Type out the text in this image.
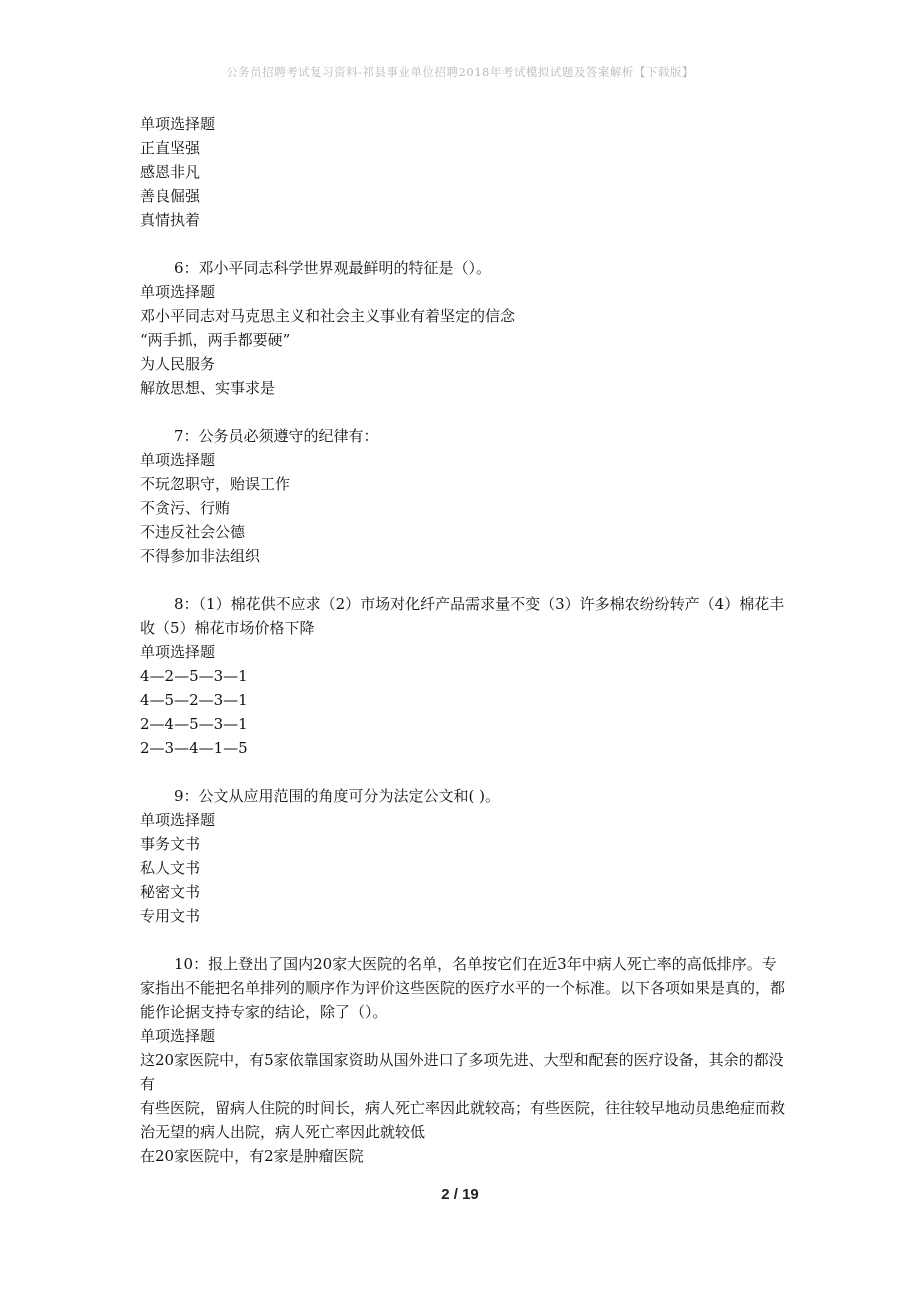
公务员招聘考试复习资料-祁县事业单位招聘2018年考试模拟试题及答案解析【下载版】

单项选择题

正直坚强

感恩非凡

善良倔强

真情执着

6：邓小平同志科学世界观最鲜明的特征是（）。

单项选择题

邓小平同志对马克思主义和社会主义事业有着坚定的信念

“两手抓，两手都要硬”

为人民服务

解放思想、实事求是

7：公务员必须遵守的纪律有：

单项选择题

不玩忽职守，贻误工作

不贪污、行贿

不违反社会公德

不得参加非法组织

8：（1）棉花供不应求（2）市场对化纤产品需求量不变（3）许多棉农纷纷转产（4）棉花丰收（5）棉花市场价格下降

单项选择题

4—2—5—3—1

4—5—2—3—1

2—4—5—3—1

2—3—4—1—5

9：公文从应用范围的角度可分为法定公文和( )。

单项选择题

事务文书

私人文书

秘密文书

专用文书

10：报上登出了国内20家大医院的名单，名单按它们在近3年中病人死亡率的高低排序。专家指出不能把名单排列的顺序作为评价这些医院的医疗水平的一个标准。以下各项如果是真的，都能作论据支持专家的结论，除了（）。

单项选择题

这20家医院中，有5家依靠国家资助从国外进口了多项先进、大型和配套的医疗设备，其余的都没有

有些医院，留病人住院的时间长，病人死亡率因此就较高；有些医院，往往较早地动员患绝症而救治无望的病人出院，病人死亡率因此就较低

在20家医院中，有2家是肿瘤医院

2 / 19
